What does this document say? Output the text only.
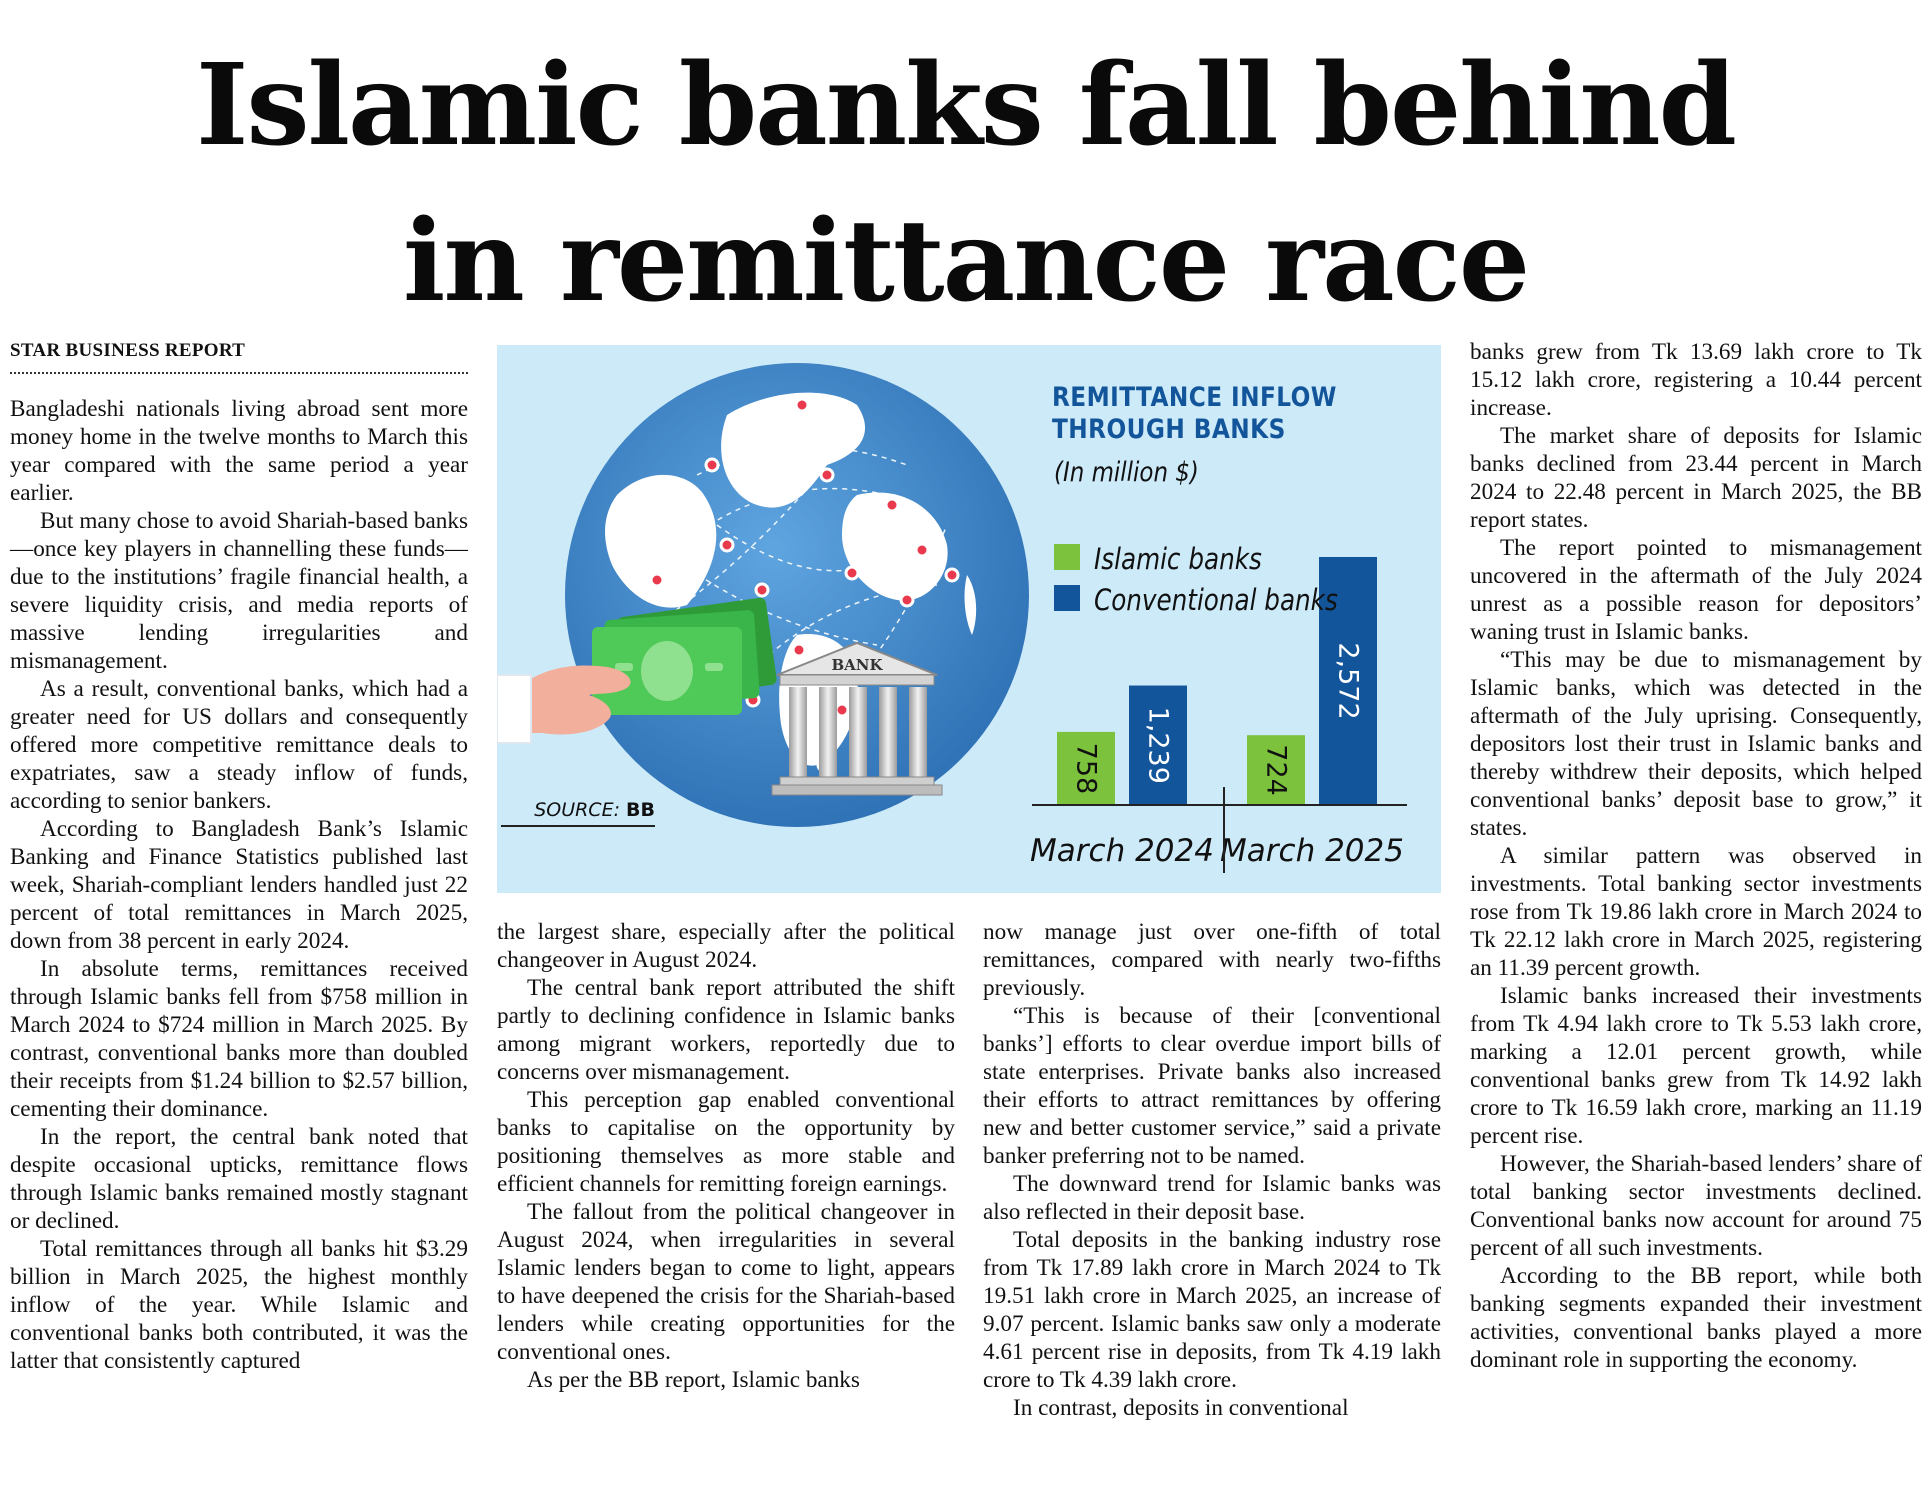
Islamic banks fall behind
in remittance race
STAR BUSINESS REPORT

Bangladeshi nationals living abroad sent more money home in the twelve months to March this year compared with the same period a year earlier.

But many chose to avoid Shariah-based banks—once key players in channelling these funds—due to the institutions’ fragile financial health, a severe liquidity crisis, and media reports of massive lending irregularities and mismanagement.

As a result, conventional banks, which had a greater need for US dollars and consequently offered more competitive remittance deals to expatriates, saw a steady inflow of funds, according to senior bankers.

According to Bangladesh Bank’s Islamic Banking and Finance Statistics published last week, Shariah-compliant lenders handled just 22 percent of total remittances in March 2025, down from 38 percent in early 2024.

In absolute terms, remittances received through Islamic banks fell from $758 million in March 2024 to $724 million in March 2025. By contrast, conventional banks more than doubled their receipts from $1.24 billion to $2.57 billion, cementing their dominance.

In the report, the central bank noted that despite occasional upticks, remittance flows through Islamic banks remained mostly stagnant or declined.

Total remittances through all banks hit $3.29 billion in March 2025, the highest monthly inflow of the year. While Islamic and conventional banks both contributed, it was the latter that consistently captured

BANK
758 1,239
March 2024
724
2,572
March 2025
REMITTANCE INFLOW THROUGH BANKS
(In million $)
Islamic banks
Conventional banks
SOURCE: BB

the largest share, especially after the political changeover in August 2024.

The central bank report attributed the shift partly to declining confidence in Islamic banks among migrant workers, reportedly due to concerns over mismanagement.

This perception gap enabled conventional banks to capitalise on the opportunity by positioning themselves as more stable and efficient channels for remitting foreign earnings.

The fallout from the political changeover in August 2024, when irregularities in several Islamic lenders began to come to light, appears to have deepened the crisis for the Shariah-based lenders while creating opportunities for the conventional ones.

As per the BB report, Islamic banks

now manage just over one-fifth of total remittances, compared with nearly two-fifths previously.

“This is because of their [conventional banks’] efforts to clear overdue import bills of state enterprises. Private banks also increased their efforts to attract remittances by offering new and better customer service,” said a private banker preferring not to be named.

The downward trend for Islamic banks was also reflected in their deposit base.

Total deposits in the banking industry rose from Tk 17.89 lakh crore in March 2024 to Tk 19.51 lakh crore in March 2025, an increase of 9.07 percent. Islamic banks saw only a moderate 4.61 percent rise in deposits, from Tk 4.19 lakh crore to Tk 4.39 lakh crore.

In contrast, deposits in conventional

banks grew from Tk 13.69 lakh crore to Tk 15.12 lakh crore, registering a 10.44 percent increase.

The market share of deposits for Islamic banks declined from 23.44 percent in March 2024 to 22.48 percent in March 2025, the BB report states.

The report pointed to mismanagement uncovered in the aftermath of the July 2024 unrest as a possible reason for depositors’ waning trust in Islamic banks.

“This may be due to mismanagement by Islamic banks, which was detected in the aftermath of the July uprising. Consequently, depositors lost their trust in Islamic banks and thereby withdrew their deposits, which helped conventional banks’ deposit base to grow,” it states.

A similar pattern was observed in investments. Total banking sector investments rose from Tk 19.86 lakh crore in March 2024 to Tk 22.12 lakh crore in March 2025, registering an 11.39 percent growth.

Islamic banks increased their investments from Tk 4.94 lakh crore to Tk 5.53 lakh crore, marking a 12.01 percent growth, while conventional banks grew from Tk 14.92 lakh crore to Tk 16.59 lakh crore, marking an 11.19 percent rise.

However, the Shariah-based lenders’ share of total banking sector investments declined. Conventional banks now account for around 75 percent of all such investments.

According to the BB report, while both banking segments expanded their investment activities, conventional banks played a more dominant role in supporting the economy.
